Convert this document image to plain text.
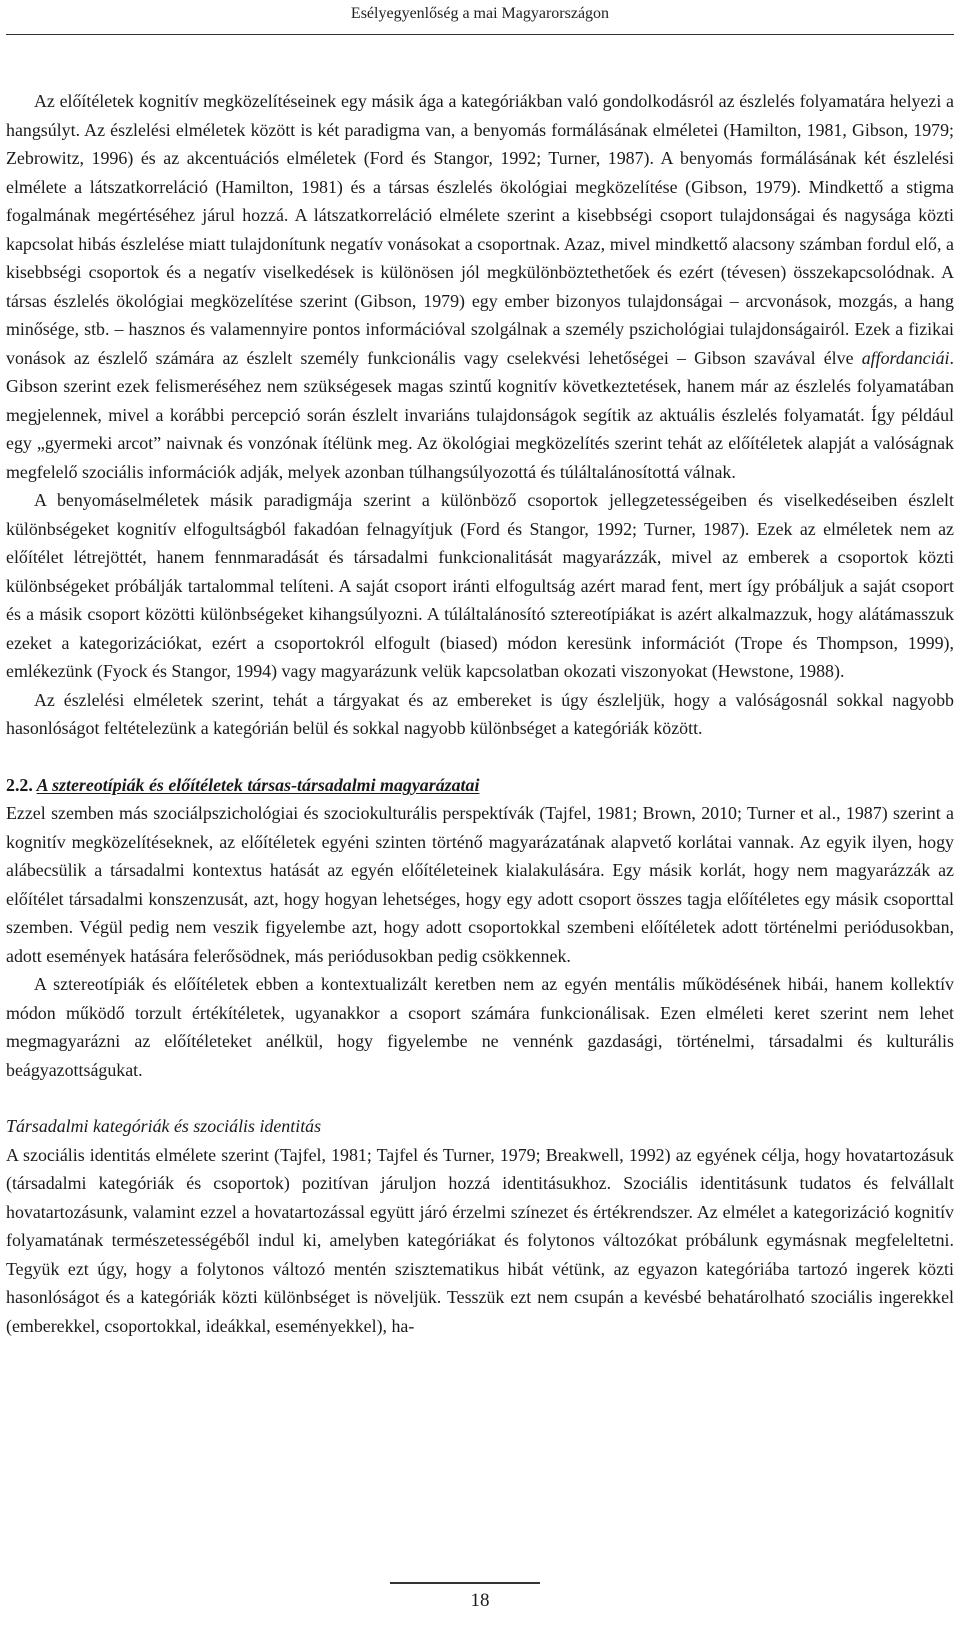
Esélyegyenlőség a mai Magyarországon

Az előítéletek kognitív megközelítéseinek egy másik ága a kategóriákban való gondolkodásról az észlelés folyamatára helyezi a hangsúlyt. Az észlelési elméletek között is két paradigma van, a benyomás formálásának elméletei (Hamilton, 1981, Gibson, 1979; Zebrowitz, 1996) és az akcentuációs elméletek (Ford és Stangor, 1992; Turner, 1987). A benyomás formálásának két észlelési elmélete a látszatkorreláció (Hamilton, 1981) és a társas észlelés ökológiai megközelítése (Gibson, 1979). Mindkettő a stigma fogalmának megértéséhez járul hozzá. A látszatkorreláció elmélete szerint a kisebbségi csoport tulajdonságai és nagysága közti kapcsolat hibás észlelése miatt tulajdonítunk negatív vonásokat a csoportnak. Azaz, mivel mindkettő alacsony számban fordul elő, a kisebbségi csoportok és a negatív viselkedések is különösen jól megkülönböztethetőek és ezért (tévesen) összekapcsolódnak. A társas észlelés ökológiai megközelítése szerint (Gibson, 1979) egy ember bizonyos tulajdonságai – arcvonások, mozgás, a hang minősége, stb. – hasznos és valamennyire pontos információval szolgálnak a személy pszichológiai tulajdonságairól. Ezek a fizikai vonások az észlelő számára az észlelt személy funkcionális vagy cselekvési lehetőségei – Gibson szavával élve affordanciái. Gibson szerint ezek felismeréséhez nem szükségesek magas szintű kognitív következtetések, hanem már az észlelés folyamatában megjelennek, mivel a korábbi percepció során észlelt invariáns tulajdonságok segítik az aktuális észlelés folyamatát. Így például egy „gyermeki arcot” naivnak és vonzónak ítélünk meg. Az ökológiai megközelítés szerint tehát az előítéletek alapját a valóságnak megfelelő szociális információk adják, melyek azonban túlhangsúlyozottá és túláltalánosítottá válnak.

A benyomáselméletek másik paradigmája szerint a különböző csoportok jellegzetességeiben és viselkedéseiben észlelt különbségeket kognitív elfogultságból fakadóan felnagyítjuk (Ford és Stangor, 1992; Turner, 1987). Ezek az elméletek nem az előítélet létrejöttét, hanem fennmaradását és társadalmi funkcionalitását magyarázzák, mivel az emberek a csoportok közti különbségeket próbálják tartalommal telíteni. A saját csoport iránti elfogultság azért marad fent, mert így próbáljuk a saját csoport és a másik csoport közötti különbségeket kihangsúlyozni. A túláltalánosító sztereotípiákat is azért alkalmazzuk, hogy alátámasszuk ezeket a kategorizációkat, ezért a csoportokról elfogult (biased) módon keresünk információt (Trope és Thompson, 1999), emlékezünk (Fyock és Stangor, 1994) vagy magyarázunk velük kapcsolatban okozati viszonyokat (Hewstone, 1988).

Az észlelési elméletek szerint, tehát a tárgyakat és az embereket is úgy észleljük, hogy a valóságosnál sokkal nagyobb hasonlóságot feltételezünk a kategórián belül és sokkal nagyobb különbséget a kategóriák között.

2.2. A sztereotípiák és előítéletek társas-társadalmi magyarázatai

Ezzel szemben más szociálpszichológiai és szociokulturális perspektívák (Tajfel, 1981; Brown, 2010; Turner et al., 1987) szerint a kognitív megközelítéseknek, az előítéletek egyéni szinten történő magyarázatának alapvető korlátai vannak. Az egyik ilyen, hogy alábecsülik a társadalmi kontextus hatását az egyén előítéleteinek kialakulására. Egy másik korlát, hogy nem magyarázzák az előítélet társadalmi konszenzusát, azt, hogy hogyan lehetséges, hogy egy adott csoport összes tagja előítéletes egy másik csoporttal szemben. Végül pedig nem veszik figyelembe azt, hogy adott csoportokkal szembeni előítéletek adott történelmi periódusokban, adott események hatására felerősödnek, más periódusokban pedig csökkennek.

A sztereotípiák és előítéletek ebben a kontextualizált keretben nem az egyén mentális működésének hibái, hanem kollektív módon működő torzult értékítéletek, ugyanakkor a csoport számára funkcionálisak. Ezen elméleti keret szerint nem lehet megmagyarázni az előítéleteket anélkül, hogy figyelembe ne vennénk gazdasági, történelmi, társadalmi és kulturális beágyazottságukat.

Társadalmi kategóriák és szociális identitás

A szociális identitás elmélete szerint (Tajfel, 1981; Tajfel és Turner, 1979; Breakwell, 1992) az egyének célja, hogy hovatartozásuk (társadalmi kategóriák és csoportok) pozitívan járuljon hozzá identitásukhoz. Szociális identitásunk tudatos és felvállalt hovatartozásunk, valamint ezzel a hovatartozással együtt járó érzelmi színezet és értékrendszer. Az elmélet a kategorizáció kognitív folyamatának természetességéből indul ki, amelyben kategóriákat és folytonos változókat próbálunk egymásnak megfeleltetni. Tegyük ezt úgy, hogy a folytonos változó mentén szisztematikus hibát vétünk, az egyazon kategóriába tartozó ingerek közti hasonlóságot és a kategóriák közti különbséget is növeljük. Tesszük ezt nem csupán a kevésbé behatárolható szociális ingerekkel (emberekkel, csoportokkal, ideákkal, eseményekkel), ha-

18
